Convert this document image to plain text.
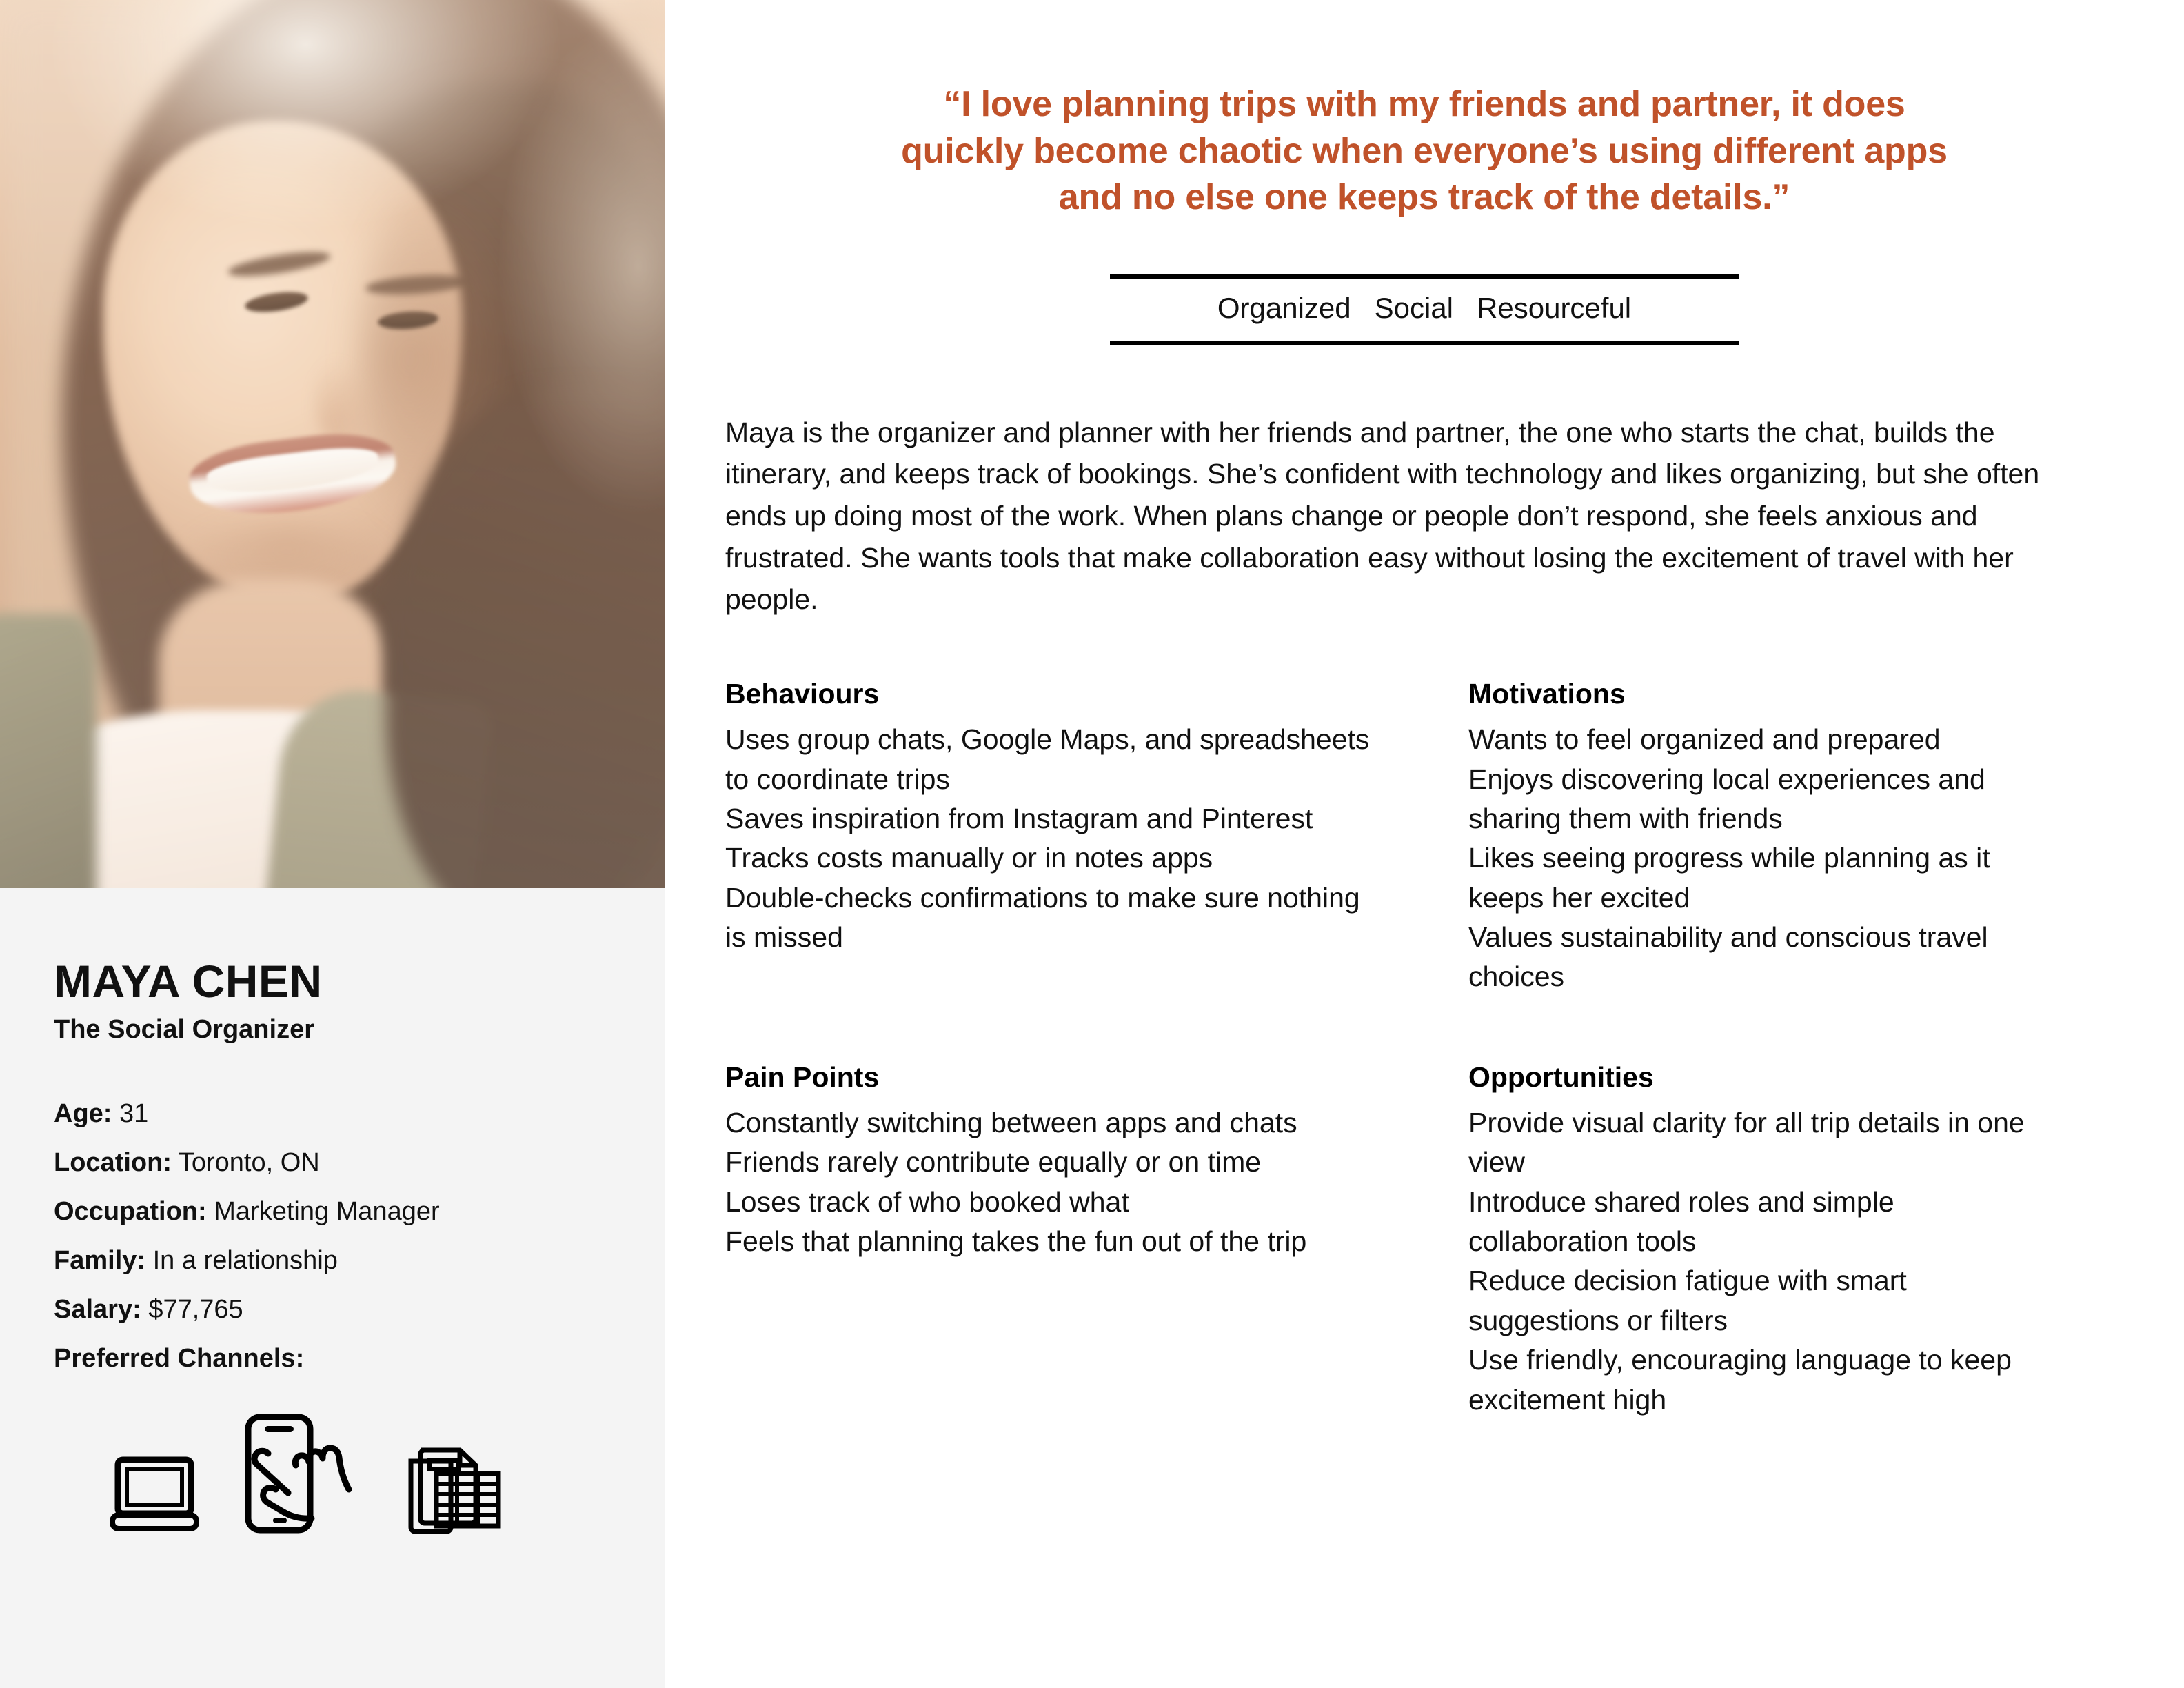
MAYA CHEN
The Social Organizer
Age: 31
Location: Toronto, ON
Occupation: Marketing Manager
Family: In a relationship
Salary: $77,765
Preferred Channels:

“I love planning trips with my friends and partner, it does quickly become chaotic when everyone’s using different apps and no else one keeps track of the details.”

Organized Social Resourceful

Maya is the organizer and planner with her friends and partner, the one who starts the chat, builds the itinerary, and keeps track of bookings. She’s confident with technology and likes organizing, but she often ends up doing most of the work. When plans change or people don’t respond, she feels anxious and frustrated. She wants tools that make collaboration easy without losing the excitement of travel with her people.

Behaviours
Uses group chats, Google Maps, and spreadsheets to coordinate trips
Saves inspiration from Instagram and Pinterest
Tracks costs manually or in notes apps
Double-checks confirmations to make sure nothing is missed
Motivations
Wants to feel organized and prepared
Enjoys discovering local experiences and sharing them with friends
Likes seeing progress while planning as it keeps her excited
Values sustainability and conscious travel choices
Pain Points
Constantly switching between apps and chats
Friends rarely contribute equally or on time
Loses track of who booked what
Feels that planning takes the fun out of the trip
Opportunities
Provide visual clarity for all trip details in one view
Introduce shared roles and simple collaboration tools
Reduce decision fatigue with smart suggestions or filters
Use friendly, encouraging language to keep excitement high
